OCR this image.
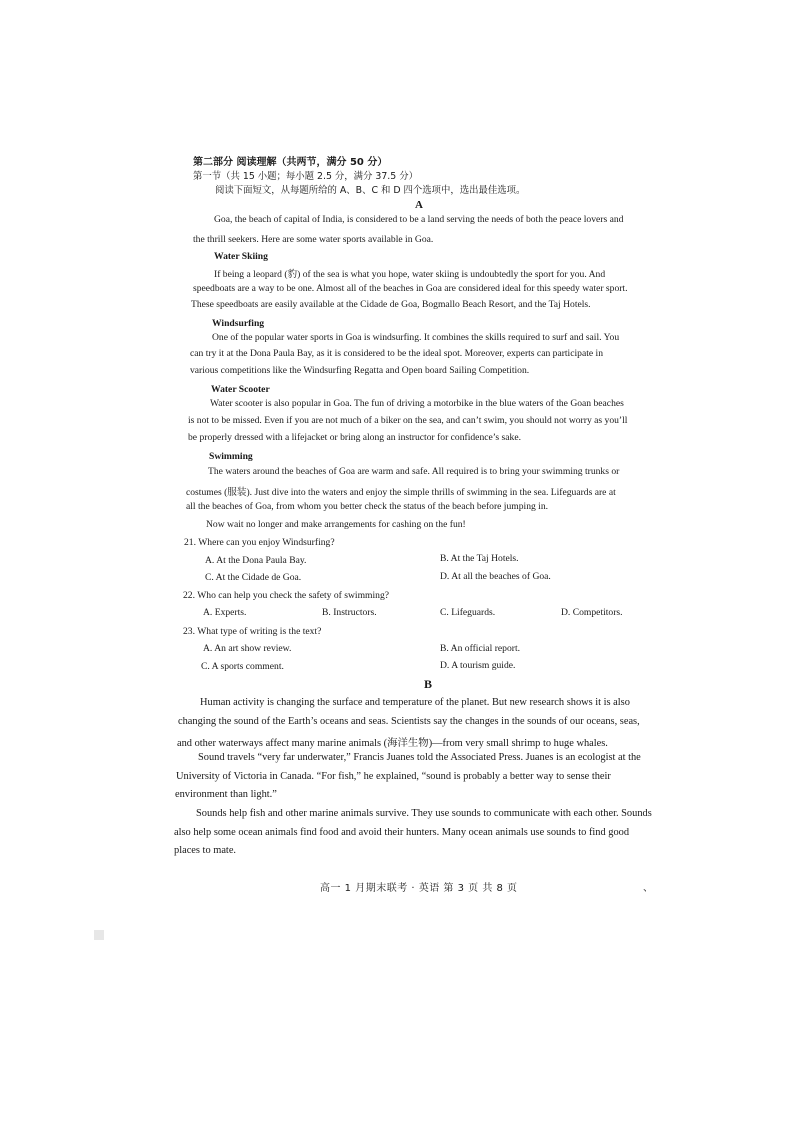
第二部分 阅读理解（共两节，满分 50 分）
第一节（共 15 小题；每小题 2.5 分，满分 37.5 分）
阅读下面短文，从每题所给的 A、B、C 和 D 四个选项中，选出最佳选项。
A
Goa, the beach of capital of India, is considered to be a land serving the needs of both the peace lovers and
the thrill seekers. Here are some water sports available in Goa.
Water Skiing
If being a leopard (豹) of the sea is what you hope, water skiing is undoubtedly the sport for you. And
speedboats are a way to be one. Almost all of the beaches in Goa are considered ideal for this speedy water sport.
These speedboats are easily available at the Cidade de Goa, Bogmallo Beach Resort, and the Taj Hotels.
Windsurfing
One of the popular water sports in Goa is windsurfing. It combines the skills required to surf and sail. You
can try it at the Dona Paula Bay, as it is considered to be the ideal spot. Moreover, experts can participate in
various competitions like the Windsurfing Regatta and Open board Sailing Competition.
Water Scooter
Water scooter is also popular in Goa. The fun of driving a motorbike in the blue waters of the Goan beaches
is not to be missed. Even if you are not much of a biker on the sea, and can’t swim, you should not worry as you’ll
be properly dressed with a lifejacket or bring along an instructor for confidence’s sake.
Swimming
The waters around the beaches of Goa are warm and safe. All required is to bring your swimming trunks or
costumes (服装). Just dive into the waters and enjoy the simple thrills of swimming in the sea. Lifeguards are at
all the beaches of Goa, from whom you better check the status of the beach before jumping in.
Now wait no longer and make arrangements for cashing on the fun!
21. Where can you enjoy Windsurfing?
A. At the Dona Paula Bay.	B. At the Taj Hotels.
C. At the Cidade de Goa.	D. At all the beaches of Goa.
22. Who can help you check the safety of swimming?
A. Experts.	B. Instructors.	C. Lifeguards.	D. Competitors.
23. What type of writing is the text?
A. An art show review.	B. An official report.
C. A sports comment.	D. A tourism guide.
B
Human activity is changing the surface and temperature of the planet. But new research shows it is also
changing the sound of the Earth’s oceans and seas. Scientists say the changes in the sounds of our oceans, seas,
and other waterways affect many marine animals (海洋生物)—from very small shrimp to huge whales.
Sound travels “very far underwater,” Francis Juanes told the Associated Press. Juanes is an ecologist at the
University of Victoria in Canada. “For fish,” he explained, “sound is probably a better way to sense their
environment than light.”
Sounds help fish and other marine animals survive. They use sounds to communicate with each other. Sounds
also help some ocean animals find food and avoid their hunters. Many ocean animals use sounds to find good
places to mate.
高一 1 月期末联考 · 英语 第 3 页 共 8 页	、
